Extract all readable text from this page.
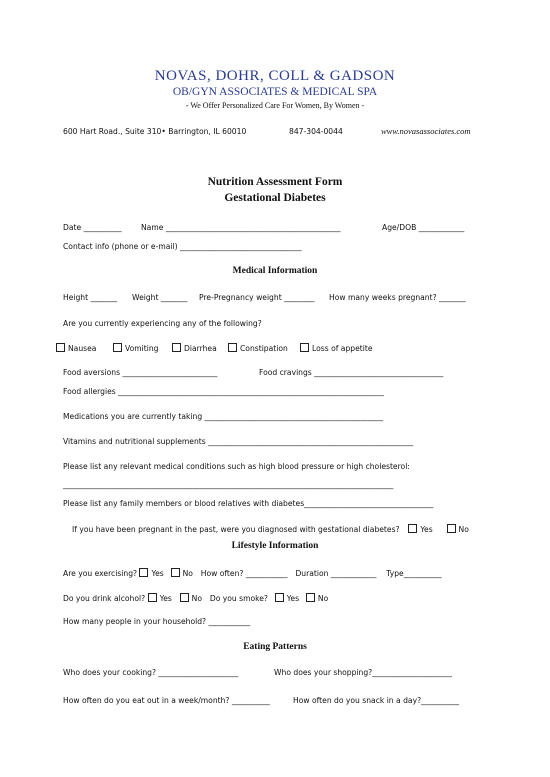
NOVAS, DOHR, COLL & GADSON
OB/GYN ASSOCIATES & MEDICAL SPA
- We Offer Personalized Care For Women, By Women -
600 Hart Road., Suite 310• Barrington, IL 60010	847-304-0044	www.novasassociates.com
Nutrition Assessment Form
Gestational Diabetes
Date __________	Name ______________________________________________	Age/DOB ____________
Contact info (phone or e-mail) ________________________________
Medical Information
Height _______ Weight _______ Pre-Pregnancy weight ________ How many weeks pregnant? _______
Are you currently experiencing any of the following?
Nausea	Vomiting	Diarrhea	Constipation	Loss of appetite
Food aversions _________________________	Food cravings __________________________________
Food allergies ______________________________________________________________________
Medications you are currently taking _______________________________________________
Vitamins and nutritional supplements ______________________________________________________
Please list any relevant medical conditions such as high blood pressure or high cholesterol:
_______________________________________________________________________________________
Please list any family members or blood relatives with diabetes__________________________________
If you have been pregnant in the past, were you diagnosed with gestational diabetes?	Yes	No
Lifestyle Information
Are you exercising? Yes No How often? ___________ Duration ____________ Type__________
Do you drink alcohol? Yes	No Do you smoke? Yes No
How many people in your household? ___________
Eating Patterns
Who does your cooking? _____________________	Who does your shopping?_____________________
How often do you eat out in a week/month? __________	How often do you snack in a day?__________
